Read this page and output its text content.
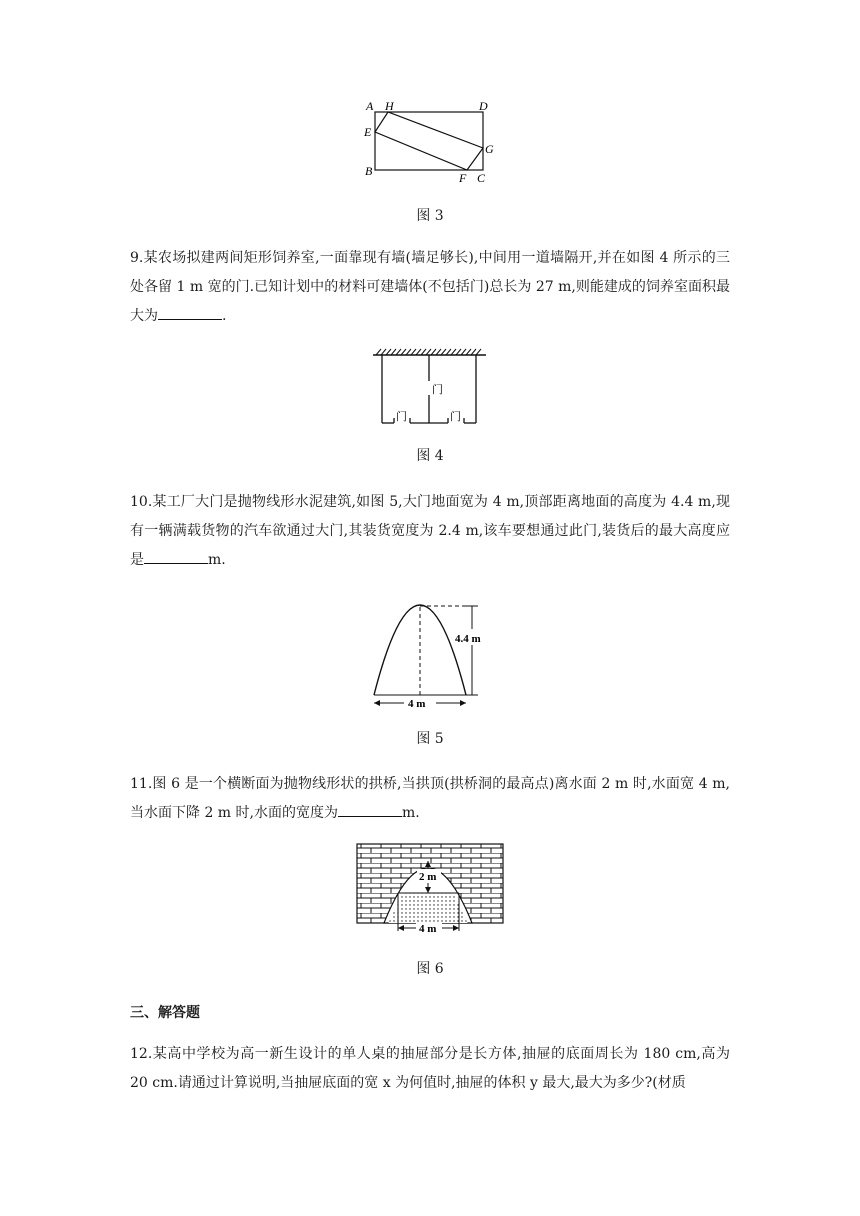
A H	D
E
G
B	F C
图 3
9.某农场拟建两间矩形饲养室,一面靠现有墙(墙足够长),中间用一道墙隔开,并在如图 4 所示的三处各留 1 m 宽的门.已知计划中的材料可建墙体(不包括门)总长为 27 m,则能建成的饲养室面积最大为	.
门
门	门
图 4
10.某工厂大门是抛物线形水泥建筑,如图 5,大门地面宽为 4 m,顶部距离地面的高度为 4.4 m,现有一辆满载货物的汽车欲通过大门,其装货宽度为 2.4 m,该车要想通过此门,装货后的最大高度应是	m.
4.4 m
4 m
图 5
11.图 6 是一个横断面为抛物线形状的拱桥,当拱顶(拱桥洞的最高点)离水面 2 m 时,水面宽 4 m,当水面下降 2 m 时,水面的宽度为	m.
2 m
4 m
图 6
三、解答题
12.某高中学校为高一新生设计的单人桌的抽屉部分是长方体,抽屉的底面周长为 180 cm,高为 20 cm.请通过计算说明,当抽屉底面的宽 x 为何值时,抽屉的体积 y 最大,最大为多少?(材质
